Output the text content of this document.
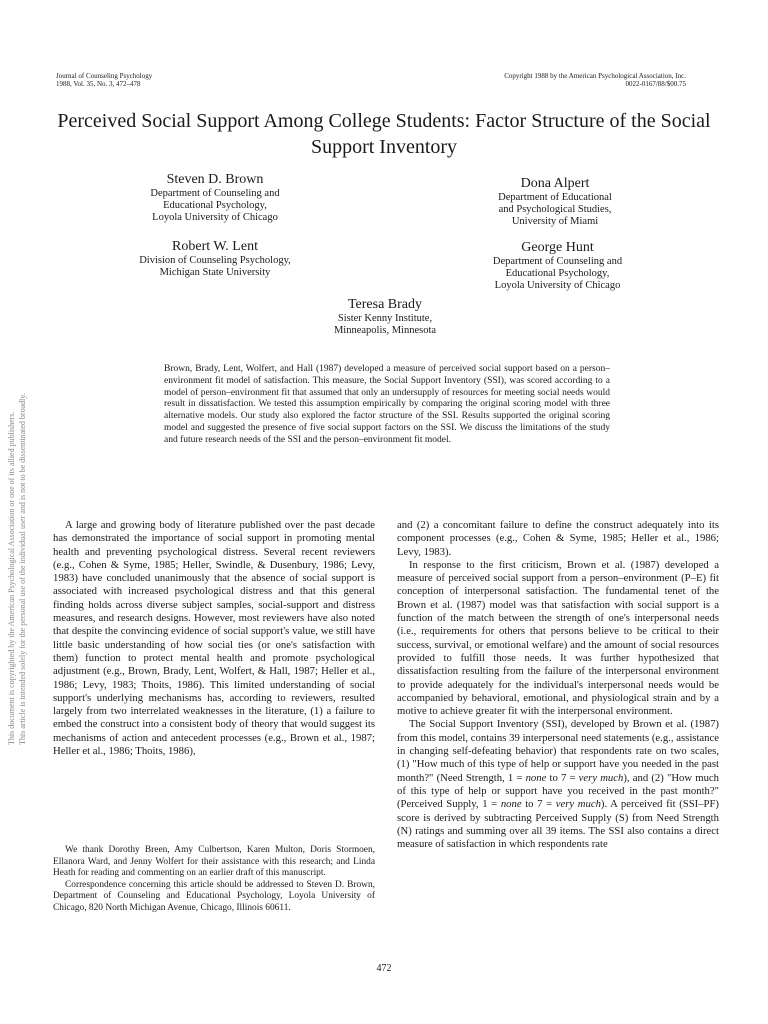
Journal of Counseling Psychology
1988, Vol. 35, No. 3, 472–478
Copyright 1988 by the American Psychological Association, Inc.
0022-0167/88/$00.75
Perceived Social Support Among College Students: Factor Structure of the Social Support Inventory
Steven D. Brown
Department of Counseling and
Educational Psychology,
Loyola University of Chicago
Dona Alpert
Department of Educational
and Psychological Studies,
University of Miami
Robert W. Lent
Division of Counseling Psychology,
Michigan State University
George Hunt
Department of Counseling and
Educational Psychology,
Loyola University of Chicago
Teresa Brady
Sister Kenny Institute,
Minneapolis, Minnesota

Brown, Brady, Lent, Wolfert, and Hall (1987) developed a measure of perceived social support based on a person–environment fit model of satisfaction. This measure, the Social Support Inventory (SSI), was scored according to a model of person–environment fit that assumed that only an undersupply of resources for meeting social needs would result in dissatisfaction. We tested this assumption empirically by comparing the original scoring model with three alternative models. Our study also explored the factor structure of the SSI. Results supported the original scoring model and suggested the presence of five social support factors on the SSI. We discuss the limitations of the study and future research needs of the SSI and the person–environment fit model.

This document is copyrighted by the American Psychological Association or one of its allied publishers. This article is intended solely for the personal use of the individual user and is not to be disseminated broadly.	A large and growing body of literature published over the past decade has demonstrated the importance of social support in promoting mental health and preventing psychological distress. Several recent reviewers (e.g., Cohen & Syme, 1985; Heller, Swindle, & Dusenbury, 1986; Levy, 1983) have concluded unanimously that the absence of social support is associated with increased psychological distress and that this general finding holds across diverse subject samples, social-support and distress measures, and research designs. However, most reviewers have also noted that despite the convincing evidence of social support's value, we still have little basic understanding of how social ties (or one's satisfaction with them) function to protect mental health and promote psychological adjustment (e.g., Brown, Brady, Lent, Wolfert, & Hall, 1987; Heller et al., 1986; Levy, 1983; Thoits, 1986). This limited understanding of social support's underlying mechanisms has, according to reviewers, resulted largely from two interrelated weaknesses in the literature, (1) a failure to embed the construct into a consistent body of theory that would suggest its mechanisms of action and antecedent processes (e.g., Brown et al., 1987; Heller et al., 1986; Thoits, 1986),

We thank Dorothy Breen, Amy Culbertson, Karen Multon, Doris Stormoen, Ellanora Ward, and Jenny Wolfert for their assistance with this research; and Linda Heath for reading and commenting on an earlier draft of this manuscript.

Correspondence concerning this article should be addressed to Steven D. Brown, Department of Counseling and Educational Psychology, Loyola University of Chicago, 820 North Michigan Avenue, Chicago, Illinois 60611.

and (2) a concomitant failure to define the construct adequately into its component processes (e.g., Cohen & Syme, 1985; Heller et al., 1986; Levy, 1983).

In response to the first criticism, Brown et al. (1987) developed a measure of perceived social support from a person–environment (P–E) fit conception of interpersonal satisfaction. The fundamental tenet of the Brown et al. (1987) model was that satisfaction with social support is a function of the match between the strength of one's interpersonal needs (i.e., requirements for others that persons believe to be critical to their success, survival, or emotional welfare) and the amount of social resources provided to fulfill those needs. It was further hypothesized that dissatisfaction resulting from the failure of the interpersonal environment to provide adequately for the individual's interpersonal needs would be accompanied by behavioral, emotional, and physiological strain and by a motive to achieve greater fit with the interpersonal environment.

The Social Support Inventory (SSI), developed by Brown et al. (1987) from this model, contains 39 interpersonal need statements (e.g., assistance in changing self-defeating behavior) that respondents rate on two scales, (1) "How much of this type of help or support have you needed in the past month?" (Need Strength, 1 = none to 7 = very much), and (2) "How much of this type of help or support have you received in the past month?" (Perceived Supply, 1 = none to 7 = very much). A perceived fit (SSI–PF) score is derived by subtracting Perceived Supply (S) from Need Strength (N) ratings and summing over all 39 items. The SSI also contains a direct measure of satisfaction in which respondents rate

472
